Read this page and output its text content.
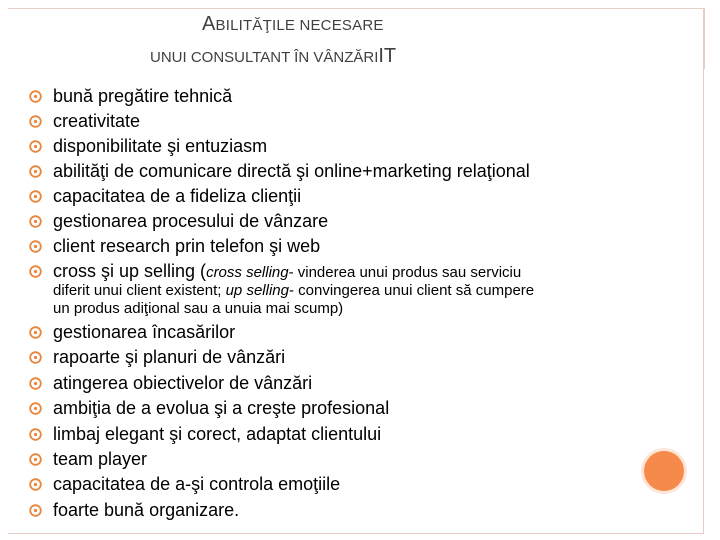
ABILITĂŢILE NECESARE
UNUI CONSULTANT ÎN VÂNZĂRIIT
bună pregătire tehnică
creativitate
disponibilitate şi entuziasm
abilităţi de comunicare directă şi online+marketing relaţional
capacitatea de a fideliza clienţii
gestionarea procesului de vânzare
client research prin telefon şi web
cross şi up selling (cross selling- vinderea unui produs sau serviciu
diferit unui client existent; up selling- convingerea unui client să cumpere
un produs adiţional sau a unuia mai scump)
gestionarea încasărilor
rapoarte şi planuri de vânzări
atingerea obiectivelor de vânzări
ambiţia de a evolua şi a creşte profesional
limbaj elegant şi corect, adaptat clientului
team player
capacitatea de a-şi controla emoţiile
foarte bună organizare.
